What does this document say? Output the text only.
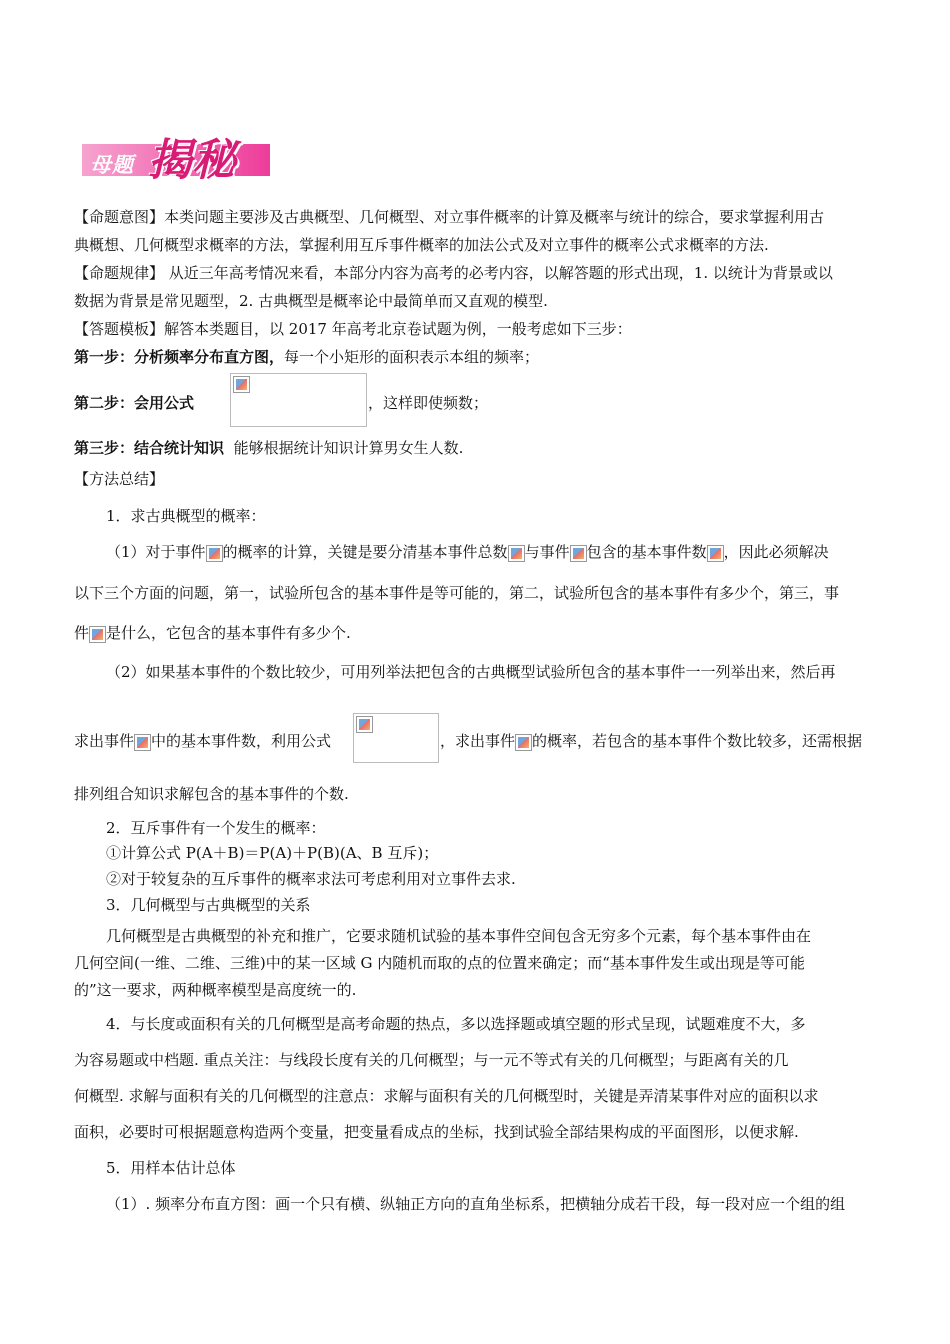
母题 揭秘
【命题意图】本类问题主要涉及古典概型、几何概型、对立事件概率的计算及概率与统计的综合，要求掌握利用古
典概想、几何概型求概率的方法，掌握利用互斥事件概率的加法公式及对立事件的概率公式求概率的方法.
【命题规律】 从近三年高考情况来看，本部分内容为高考的必考内容，以解答题的形式出现，1. 以统计为背景或以
数据为背景是常见题型，2. 古典概型是概率论中最简单而又直观的模型.
【答题模板】解答本类题目，以 2017 年高考北京卷试题为例，一般考虑如下三步：
第一步：分析频率分布直方图，每一个小矩形的面积表示本组的频率；
第二步：会用公式	，这样即使频数；
第三步：结合统计知识 能够根据统计知识计算男女生人数.
【方法总结】
1．求古典概型的概率：
（1）对于事件 的概率的计算，关键是要分清基本事件总数 与事件 包含的基本事件数 ，因此必须解决
以下三个方面的问题，第一，试验所包含的基本事件是等可能的，第二，试验所包含的基本事件有多少个，第三，事
件 是什么，它包含的基本事件有多少个.
（2）如果基本事件的个数比较少，可用列举法把包含的古典概型试验所包含的基本事件一一列举出来，然后再
求出事件 中的基本事件数，利用公式	，求出事件 的概率，若包含的基本事件个数比较多，还需根据
排列组合知识求解包含的基本事件的个数.
2．互斥事件有一个发生的概率：
①计算公式 P(A＋B)＝P(A)＋P(B)(A、B 互斥)；
②对于较复杂的互斥事件的概率求法可考虑利用对立事件去求.
3．几何概型与古典概型的关系
几何概型是古典概型的补充和推广，它要求随机试验的基本事件空间包含无穷多个元素，每个基本事件由在
几何空间(一维、二维、三维)中的某一区域 G 内随机而取的点的位置来确定；而“基本事件发生或出现是等可能
的”这一要求，两种概率模型是高度统一的.
4．与长度或面积有关的几何概型是高考命题的热点，多以选择题或填空题的形式呈现，试题难度不大，多
为容易题或中档题. 重点关注：与线段长度有关的几何概型；与一元不等式有关的几何概型；与距离有关的几
何概型. 求解与面积有关的几何概型的注意点：求解与面积有关的几何概型时，关键是弄清某事件对应的面积以求
面积，必要时可根据题意构造两个变量，把变量看成点的坐标，找到试验全部结果构成的平面图形，以便求解.
5．用样本估计总体
（1）. 频率分布直方图：画一个只有横、纵轴正方向的直角坐标系，把横轴分成若干段，每一段对应一个组的组
